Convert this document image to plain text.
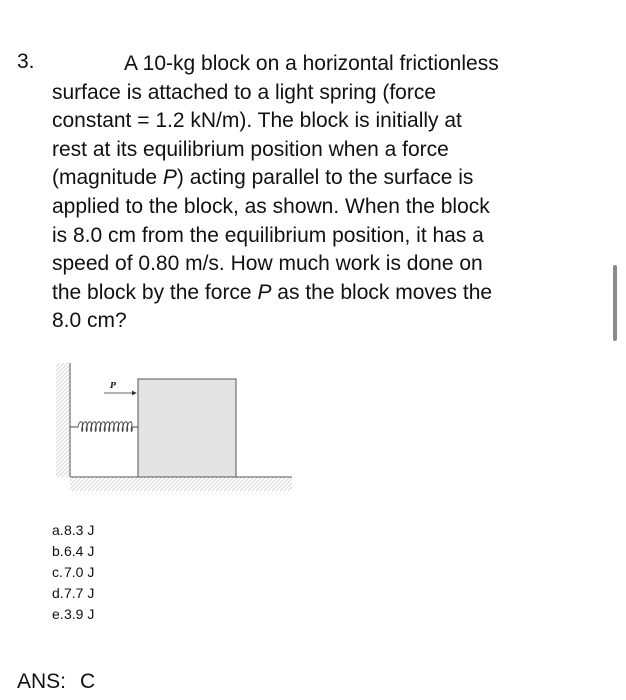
3.	A 10-kg block on a horizontal frictionless
surface is attached to a light spring (force
constant = 1.2 kN/m). The block is initially at
rest at its equilibrium position when a force
(magnitude P) acting parallel to the surface is
applied to the block, as shown. When the block
is 8.0 cm from the equilibrium position, it has a
speed of 0.80 m/s. How much work is done on
the block by the force P as the block moves the
8.0 cm?
P
a.8.3 J
b.6.4 J
c.7.0 J
d.7.7 J
e.3.9 J
ANS: C
